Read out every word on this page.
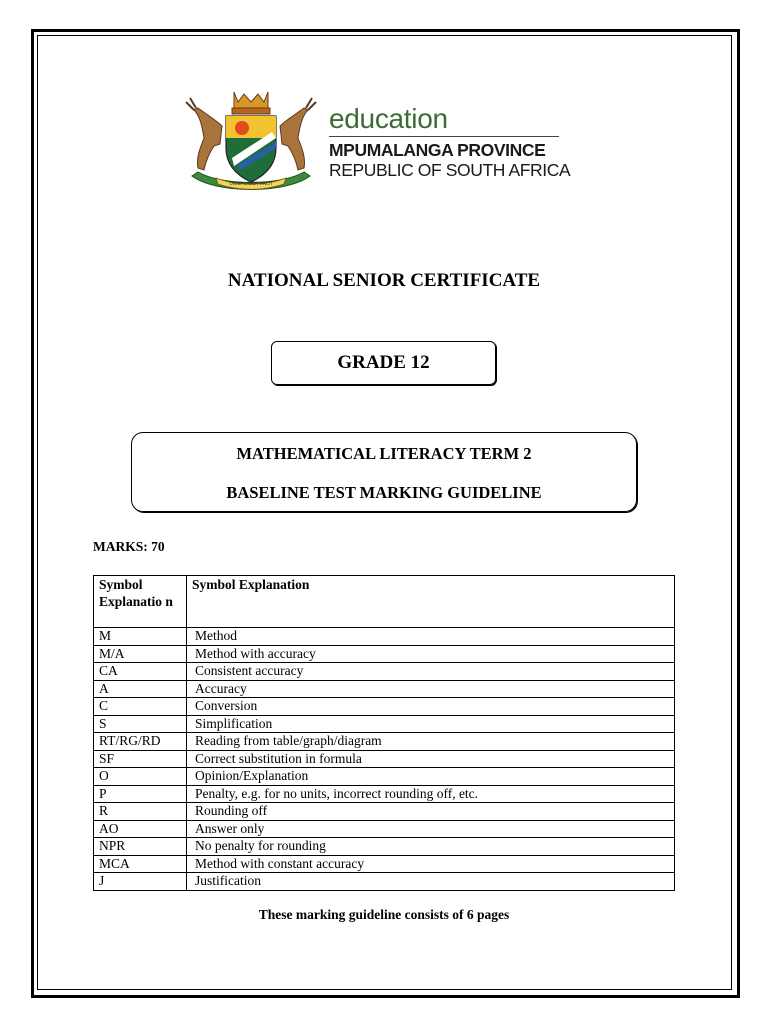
OMNIA LABOR VINCIT
education
MPUMALANGA PROVINCE
REPUBLIC OF SOUTH AFRICA
NATIONAL SENIOR CERTIFICATE
GRADE 12
MATHEMATICAL LITERACY TERM 2
BASELINE TEST MARKING GUIDELINE
MARKS: 70
Symbol Explanatio n	Symbol Explanation
M	Method
M/A	Method with accuracy
CA	Consistent accuracy
A	Accuracy
C	Conversion
S	Simplification
RT/RG/RD	Reading from table/graph/diagram
SF	Correct substitution in formula
O	Opinion/Explanation
P	Penalty, e.g. for no units, incorrect rounding off, etc.
R	Rounding off
AO	Answer only
NPR	No penalty for rounding
MCA	Method with constant accuracy
J	Justification
These marking guideline consists of 6 pages
